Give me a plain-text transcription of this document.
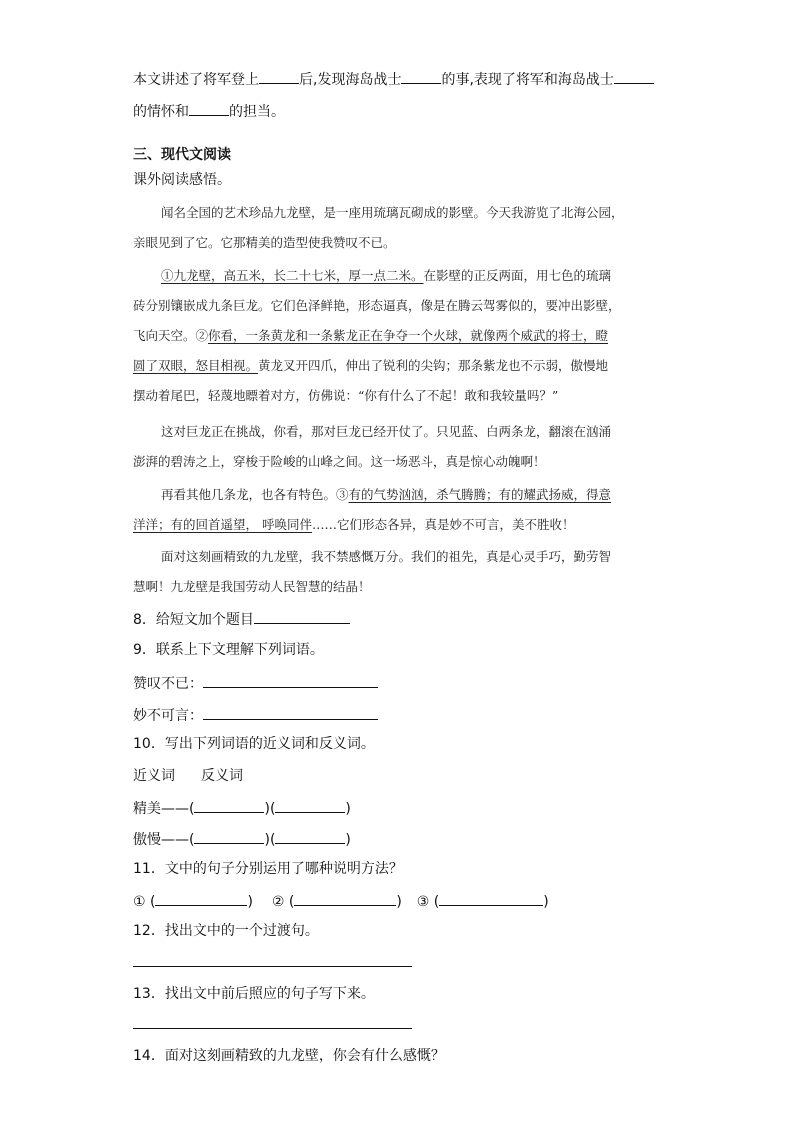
本文讲述了将军登上	后,发现海岛战士	的事,表现了将军和海岛战士
的情怀和	的担当。
三、现代文阅读
课外阅读感悟。
闻名全国的艺术珍品九龙壁，是一座用琉璃瓦砌成的影壁。今天我游览了北海公园，
亲眼见到了它。它那精美的造型使我赞叹不已。
①九龙壁，高五米，长二十七米，厚一点二米。在影壁的正反两面，用七色的琉璃
砖分别镶嵌成九条巨龙。它们色泽鲜艳，形态逼真，像是在腾云驾雾似的，要冲出影壁，
飞向天空。②你看，一条黄龙和一条紫龙正在争夺一个火球，就像两个威武的将士，瞪
圆了双眼，怒目相视。黄龙叉开四爪，伸出了锐利的尖钩；那条紫龙也不示弱，傲慢地
摆动着尾巴，轻蔑地瞟着对方，仿佛说：“你有什么了不起！敢和我较量吗？”
这对巨龙正在挑战，你看，那对巨龙已经开仗了。只见蓝、白两条龙，翻滚在汹涌
澎湃的碧涛之上，穿梭于险峻的山峰之间。这一场恶斗，真是惊心动魄啊！
再看其他几条龙，也各有特色。③有的气势汹汹，杀气腾腾；有的耀武扬威，得意
洋洋；有的回首遥望， 呼唤同伴……它们形态各异，真是妙不可言，美不胜收！
面对这刻画精致的九龙壁，我不禁感慨万分。我们的祖先，真是心灵手巧，勤劳智
慧啊！九龙壁是我国劳动人民智慧的结晶！
8．给短文加个题目
9．联系上下文理解下列词语。
赞叹不已：
妙不可言：
10．写出下列词语的近义词和反义词。
近义词 反义词
精美——(	)(	)
傲慢——(	)(	)
11．文中的句子分别运用了哪种说明方法？
① (	) ② (	) ③ (	)
12．找出文中的一个过渡句。
13．找出文中前后照应的句子写下来。
14．面对这刻画精致的九龙壁，你会有什么感慨？
